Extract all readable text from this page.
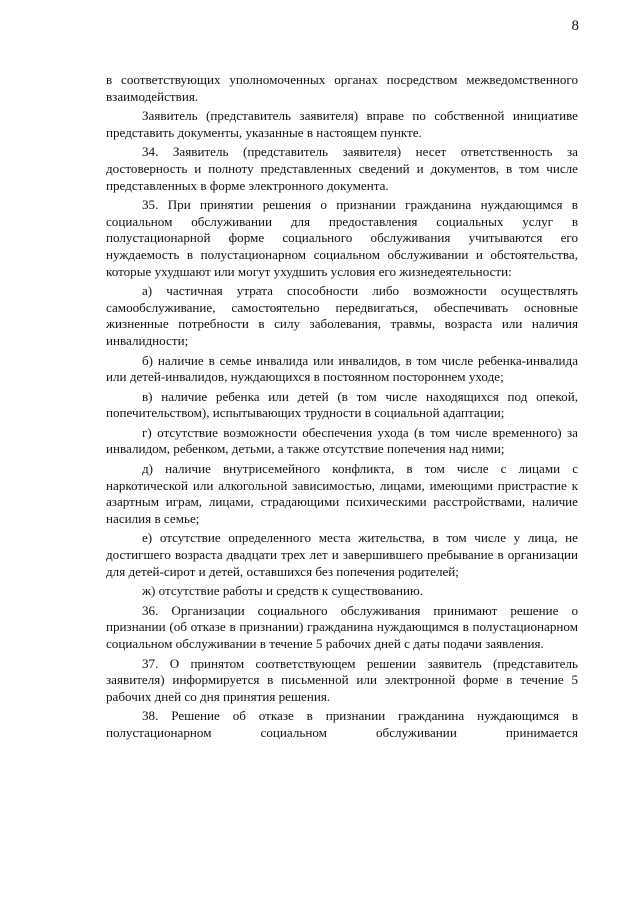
8

в соответствующих уполномоченных органах посредством межведомственного взаимодействия.

Заявитель (представитель заявителя) вправе по собственной инициативе представить документы, указанные в настоящем пункте.

34. Заявитель (представитель заявителя) несет ответственность за достоверность и полноту представленных сведений и документов, в том числе представленных в форме электронного документа.

35. При принятии решения о признании гражданина нуждающимся в социальном обслуживании для предоставления социальных услуг в полустационарной форме социального обслуживания учитываются его нуждаемость в полустационарном социальном обслуживании и обстоятельства, которые ухудшают или могут ухудшить условия его жизнедеятельности:

а) частичная утрата способности либо возможности осуществлять самообслуживание, самостоятельно передвигаться, обеспечивать основные жизненные потребности в силу заболевания, травмы, возраста или наличия инвалидности;

б) наличие в семье инвалида или инвалидов, в том числе ребенка-инвалида или детей-инвалидов, нуждающихся в постоянном постороннем уходе;

в) наличие ребенка или детей (в том числе находящихся под опекой, попечительством), испытывающих трудности в социальной адаптации;

г) отсутствие возможности обеспечения ухода (в том числе временного) за инвалидом, ребенком, детьми, а также отсутствие попечения над ними;

д) наличие внутрисемейного конфликта, в том числе с лицами с наркотической или алкогольной зависимостью, лицами, имеющими пристрастие к азартным играм, лицами, страдающими психическими расстройствами, наличие насилия в семье;

е) отсутствие определенного места жительства, в том числе у лица, не достигшего возраста двадцати трех лет и завершившего пребывание в организации для детей-сирот и детей, оставшихся без попечения родителей;

ж) отсутствие работы и средств к существованию.

36. Организации социального обслуживания принимают решение о признании (об отказе в признании) гражданина нуждающимся в полустационарном социальном обслуживании в течение 5 рабочих дней с даты подачи заявления.

37. О принятом соответствующем решении заявитель (представитель заявителя) информируется в письменной или электронной форме в течение 5 рабочих дней со дня принятия решения.

38. Решение об отказе в признании гражданина нуждающимся в полустационарном социальном обслуживании принимается
